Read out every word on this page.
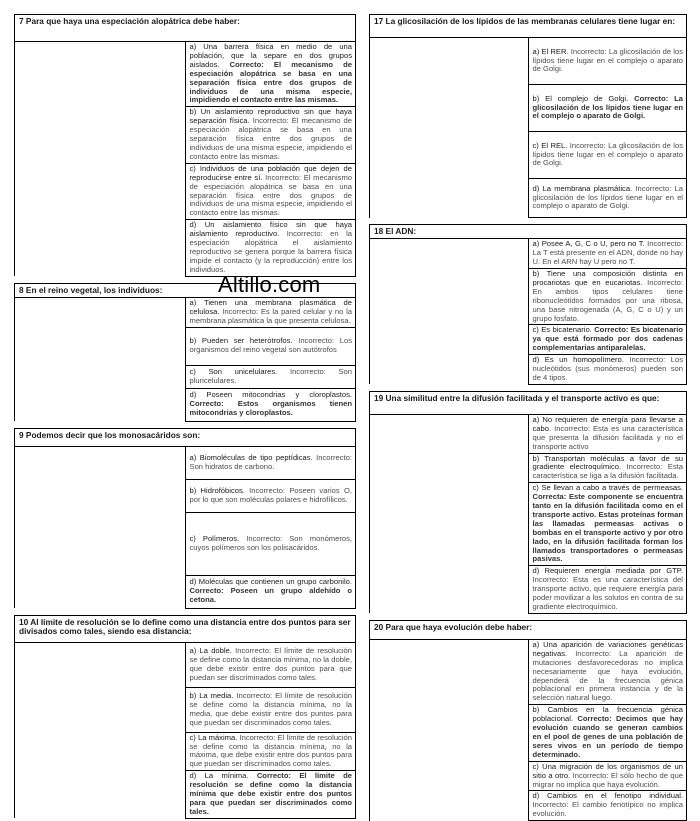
7 Para que haya una especiación alopátrica debe haber:
	a) Una barrera física en medio de una población, que la separe en dos grupos aislados. Correcto: El mecanismo de especiación alopátrica se basa en una separación física entre dos grupos de individuos de una misma especie, impidiendo el contacto entre las mismas.
b) Un aislamiento reproductivo sin que haya separación física. Incorrecto: El mecanismo de especiación alopátrica se basa en una separación física entre dos grupos de individuos de una misma especie, impidiendo el contacto entre las mismas.
c) Individuos de una población que dejen de reproducirse entre sí. Incorrecto: El mecanismo de especiación alopátrica se basa en una separación física entre dos grupos de individuos de una misma especie, impidiendo el contacto entre las mismas.
d) Un aislamiento físico sin que haya aislamiento reproductivo. Incorrecto: en la especiación alopátrica el aislamiento reproductivo se genera porque la barrera física impide el contacto (y la reproducción) entre los individuos.
8 En el reino vegetal, los individuos:
	a) Tienen una membrana plasmática de celulosa. Incorrecto: Es la pared celular y no la membrana plasmática la que presenta celulosa.
b) Pueden ser heterótrofos. Incorrecto: Los organismos del reino vegetal son autótrofos
c) Son unicelulares. Incorrecto: Son pluricelulares.
d) Poseen mitocondrias y cloroplastos. Correcto: Estos organismos tienen mitocondrias y cloroplastos.
9 Podemos decir que los monosacáridos son:
	a) Biomoléculas de tipo peptídicas. Incorrecto: Son hidratos de carbono.
b) Hidrofóbicos. Incorrecto: Poseen varios O, por lo que son moléculas polares e hidrofílicos.
c) Polímeros. Incorrecto: Son monómeros, cuyos polímeros son los polisacáridos.
d) Moléculas que contienen un grupo carbonilo. Correcto: Poseen un grupo aldehído o cetona.
10 Al límite de resolución se lo define como una distancia entre dos puntos para ser divisados como tales, siendo esa distancia:
	a) La doble. Incorrecto: El límite de resolución se define como la distancia mínima, no la doble, que debe existir entre dos puntos para que puedan ser discriminados como tales.
b) La media. Incorrecto: El límite de resolución se define como la distancia mínima, no la media, que debe existir entre dos puntos para que puedan ser discriminados como tales.
c) La máxima. Incorrecto: El límite de resolución se define como la distancia mínima, no la máxima, que debe existir entre dos puntos para que puedan ser discriminados como tales.
d) La mínima. Correcto: El límite de resolución se define como la distancia mínima que debe existir entre dos puntos para que puedan ser discriminados como tales.
17 La glicosilación de los lípidos de las membranas celulares tiene lugar en:
	a) El RER. Incorrecto: La glicosilación de los lípidos tiene lugar en el complejo o aparato de Golgi.
b) El complejo de Golgi. Correcto: La glicosilación de los lípidos tiene lugar en el complejo o aparato de Golgi.
c) El REL. Incorrecto: La glicosilación de los lípidos tiene lugar en el complejo o aparato de Golgi.
d) La membrana plasmática. Incorrecto: La glicosilación de los lípidos tiene lugar en el complejo o aparato de Golgi.
18 El ADN:
	a) Posee A, G, C o U, pero no T. Incorrecto: La T está presente en el ADN, donde no hay U. En el ARN hay U pero no T.
b) Tiene una composición distinta en procariotas que en eucariotas. Incorrecto: En ambos tipos celulares tiene ribonucleótidos formados por una ribosa, una base nitrogenada (A, G, C o U) y un grupo fosfato.
c) Es bicatenario. Correcto: Es bicatenario ya que está formado por dos cadenas complementarias antiparalelas.
d) Es un homopolímero. Incorrecto: Los nucleótidos (sus monómeros) pueden son de 4 tipos.
19 Una similitud entre la difusión facilitada y el transporte activo es que:
	a) No requieren de energía para llevarse a cabo. Incorrecto: Esta es una característica que presenta la difusión facilitada y no el transporte activo
b) Transportan moléculas a favor de su gradiente electroquímico. Incorrecto: Esta característica se liga a la difusión facilitada.
c) Se llevan a cabo a través de permeasas. Correcta: Este componente se encuentra tanto en la difusión facilitada como en el transporte activo. Estas proteínas forman las llamadas permeasas activas o bombas en el transporte activo y por otro lado, en la difusión facilitada forman los llamados transportadores o permeasas pasivas.
d) Requieren energía mediada por GTP. Incorrecto: Esta es una característica del transporte activo, que requiere energía para poder movilizar a los solutos en contra de su gradiente electroquímico.
20 Para que haya evolución debe haber:
	a) Una aparición de variaciones genéticas negativas. Incorrecto: La aparición de mutaciones desfavorecedoras no implica necesariamente que haya evolución, dependerá de la frecuencia génica poblacional en primera instancia y de la selección natural luego.
b) Cambios en la frecuencia génica poblacional. Correcto: Decimos que hay evolución cuando se generan cambios en el pool de genes de una población de seres vivos en un período de tiempo determinado.
c) Una migración de los organismos de un sitio a otro. Incorrecto: El sólo hecho de que migrar no implica que haya evolución.
d) Cambios en el fenotipo individual. Incorrecto: El cambio fenotípico no implica evolución.
Altillo.com
